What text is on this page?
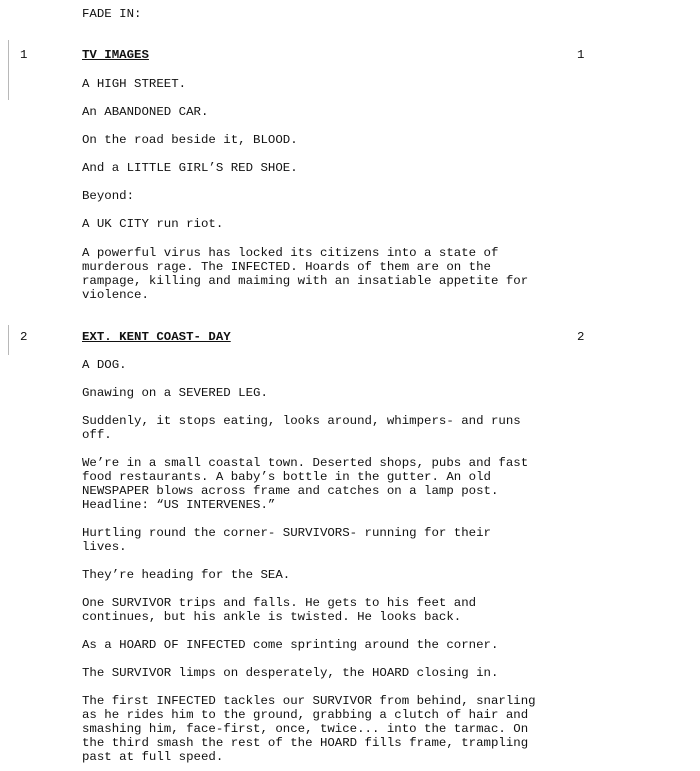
FADE IN:
1	TV IMAGES	1
A HIGH STREET.
An ABANDONED CAR.
On the road beside it, BLOOD.
And a LITTLE GIRL’S RED SHOE.
Beyond:
A UK CITY run riot.
A powerful virus has locked its citizens into a state of
murderous rage. The INFECTED. Hoards of them are on the
rampage, killing and maiming with an insatiable appetite for
violence.
2	EXT. KENT COAST- DAY	2
A DOG.
Gnawing on a SEVERED LEG.
Suddenly, it stops eating, looks around, whimpers- and runs
off.
We’re in a small coastal town. Deserted shops, pubs and fast
food restaurants. A baby’s bottle in the gutter. An old
NEWSPAPER blows across frame and catches on a lamp post.
Headline: “US INTERVENES.”
Hurtling round the corner- SURVIVORS- running for their
lives.
They’re heading for the SEA.
One SURVIVOR trips and falls. He gets to his feet and
continues, but his ankle is twisted. He looks back.
As a HOARD OF INFECTED come sprinting around the corner.
The SURVIVOR limps on desperately, the HOARD closing in.
The first INFECTED tackles our SURVIVOR from behind, snarling
as he rides him to the ground, grabbing a clutch of hair and
smashing him, face-first, once, twice... into the tarmac. On
the third smash the rest of the HOARD fills frame, trampling
past at full speed.
